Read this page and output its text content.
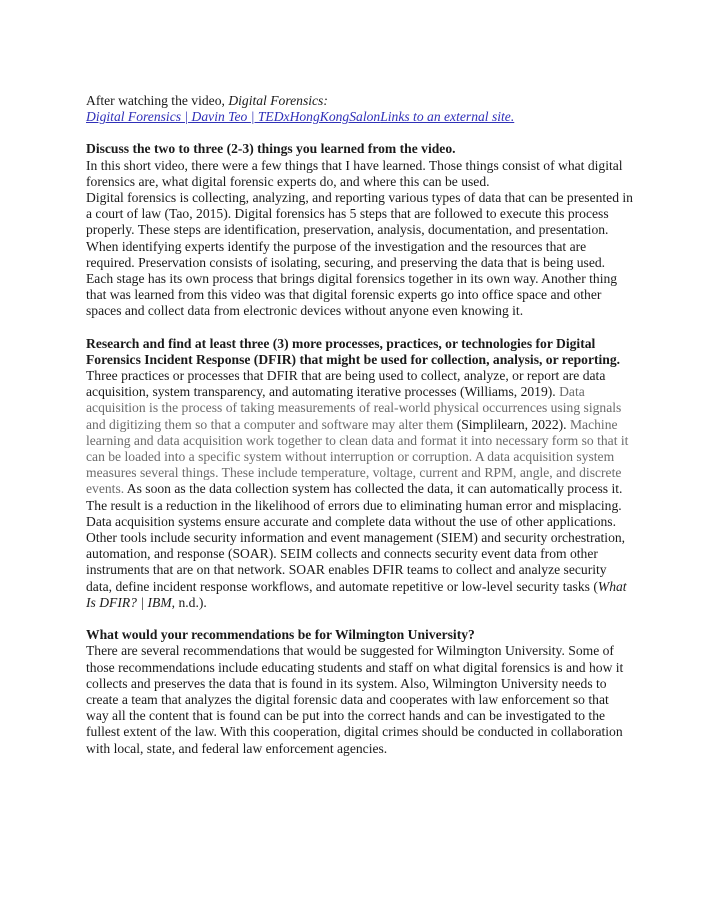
After watching the video, Digital Forensics:

Digital Forensics | Davin Teo | TEDxHongKongSalonLinks to an external site.

Discuss the two to three (2-3) things you learned from the video.

In this short video, there were a few things that I have learned. Those things consist of what digital forensics are, what digital forensic experts do, and where this can be used.

Digital forensics is collecting, analyzing, and reporting various types of data that can be presented in a court of law (Tao, 2015). Digital forensics has 5 steps that are followed to execute this process properly. These steps are identification, preservation, analysis, documentation, and presentation. When identifying experts identify the purpose of the investigation and the resources that are required. Preservation consists of isolating, securing, and preserving the data that is being used. Each stage has its own process that brings digital forensics together in its own way. Another thing that was learned from this video was that digital forensic experts go into office space and other spaces and collect data from electronic devices without anyone even knowing it.

Research and find at least three (3) more processes, practices, or technologies for Digital Forensics Incident Response (DFIR) that might be used for collection, analysis, or reporting.

Three practices or processes that DFIR that are being used to collect, analyze, or report are data acquisition, system transparency, and automating iterative processes (Williams, 2019). Data acquisition is the process of taking measurements of real-world physical occurrences using signals and digitizing them so that a computer and software may alter them (Simplilearn, 2022). Machine learning and data acquisition work together to clean data and format it into necessary form so that it can be loaded into a specific system without interruption or corruption. A data acquisition system measures several things. These include temperature, voltage, current and RPM, angle, and discrete events. As soon as the data collection system has collected the data, it can automatically process it. The result is a reduction in the likelihood of errors due to eliminating human error and misplacing. Data acquisition systems ensure accurate and complete data without the use of other applications. Other tools include security information and event management (SIEM) and security orchestration, automation, and response (SOAR). SEIM collects and connects security event data from other instruments that are on that network. SOAR enables DFIR teams to collect and analyze security data, define incident response workflows, and automate repetitive or low-level security tasks (What Is DFIR? | IBM, n.d.).

What would your recommendations be for Wilmington University?

There are several recommendations that would be suggested for Wilmington University. Some of those recommendations include educating students and staff on what digital forensics is and how it collects and preserves the data that is found in its system. Also, Wilmington University needs to create a team that analyzes the digital forensic data and cooperates with law enforcement so that way all the content that is found can be put into the correct hands and can be investigated to the fullest extent of the law. With this cooperation, digital crimes should be conducted in collaboration with local, state, and federal law enforcement agencies.
